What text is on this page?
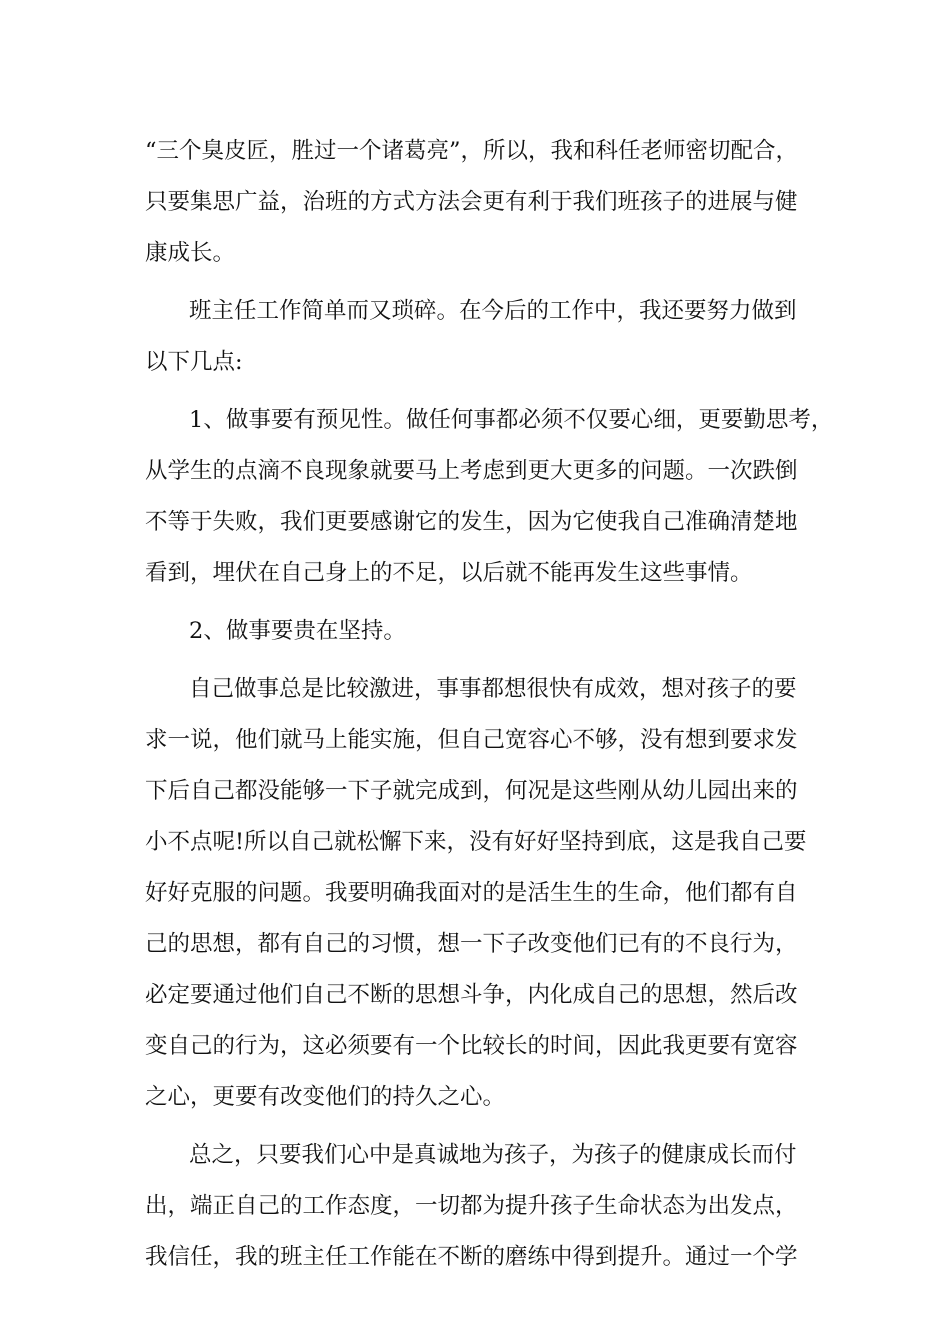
“三个臭皮匠，胜过一个诸葛亮”，所以，我和科任老师密切配合，
只要集思广益，治班的方式方法会更有利于我们班孩子的进展与健
康成长。
班主任工作简单而又琐碎。在今后的工作中，我还要努力做到
以下几点:
1、做事要有预见性。做任何事都必须不仅要心细，更要勤思考，
从学生的点滴不良现象就要马上考虑到更大更多的问题。一次跌倒
不等于失败，我们更要感谢它的发生，因为它使我自己准确清楚地
看到，埋伏在自己身上的不足，以后就不能再发生这些事情。
2、做事要贵在坚持。
自己做事总是比较激进，事事都想很快有成效，想对孩子的要
求一说，他们就马上能实施，但自己宽容心不够，没有想到要求发
下后自己都没能够一下子就完成到，何况是这些刚从幼儿园出来的
小不点呢!所以自己就松懈下来，没有好好坚持到底，这是我自己要
好好克服的问题。我要明确我面对的是活生生的生命，他们都有自
己的思想，都有自己的习惯，想一下子改变他们已有的不良行为，
必定要通过他们自己不断的思想斗争，内化成自己的思想，然后改
变自己的行为，这必须要有一个比较长的时间，因此我更要有宽容
之心，更要有改变他们的持久之心。
总之，只要我们心中是真诚地为孩子，为孩子的健康成长而付
出，端正自己的工作态度，一切都为提升孩子生命状态为出发点，
我信任，我的班主任工作能在不断的磨练中得到提升。通过一个学
